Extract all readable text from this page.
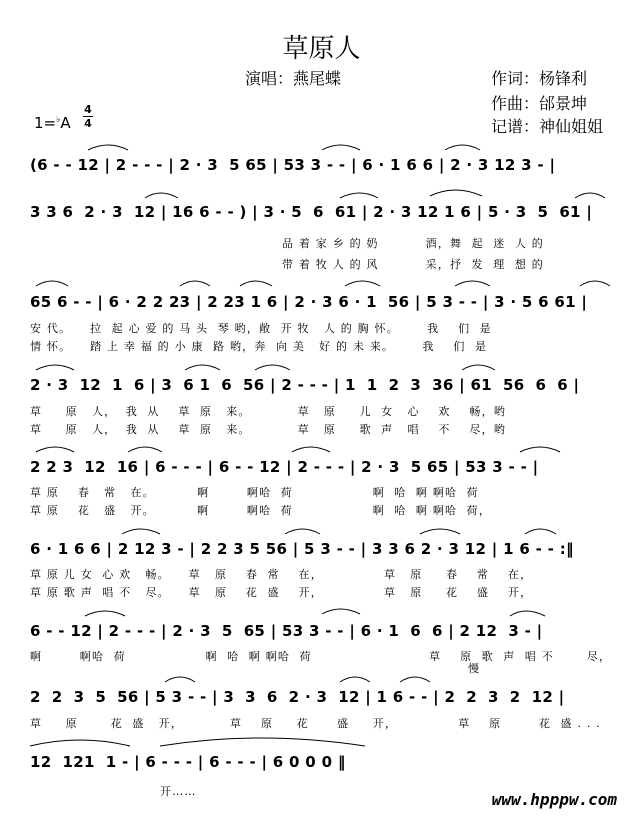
草原人
演唱：燕尾蝶	作词：杨锋利
作曲：邰景坤
记谱：神仙姐姐
1=♭A
4
4
(6 - - 12 | 2 - - - | 2 · 3  5 65 | 53 3 - - | 6 · 1 6 6 | 2 · 3 12 3 - |
3 3 6  2 · 3  12 | 16 6 - - ) | 3 · 5  6  61 | 2 · 3 12 1 6 | 5 · 3  5  61 |
品 着 家 乡 的 奶          酒，舞  起  迷  人 的
带 着 牧 人 的 风          采，抒  发  理  想 的
65 6 - - | 6 · 2 2 23 | 2 23 1 6 | 2 · 3 6 · 1  56 | 5 3 - - | 3 · 5 6 61 |
安 代。    拉  起 心 爱 的 马 头  琴 哟，敞  开 牧   人 的 胸 怀。      我    们  是
情 怀。    踏 上 幸 福 的 小 康  路 哟，奔  向 美   好 的 未 来。      我    们  是
2 · 3  12  1  6 | 3  6 1  6  56 | 2 - - - | 1  1  2  3  36 | 61  56  6  6 |
草     原   人，  我  从    草  原   来。          草   原     儿  女   心    欢    畅，哟
草     原   人，  我  从    草  原   来。          草   原     歌  声   唱    不    尽，哟
2 2 3  12  16 | 6 - - - | 6 - - 12 | 2 - - - | 2 · 3  5 65 | 53 3 - - |
草 原    春   常   在。         啊        啊哈  荷                 啊  哈  啊 啊哈  荷
草 原    花   盛   开。         啊        啊哈  荷                 啊  哈  啊 啊哈  荷，
6 · 1 6 6 | 2 12 3 - | 2 2 3 5 56 | 5 3 - - | 3 3 6 2 · 3 12 | 1 6 - - :‖
草 原 儿 女  心 欢   畅。    草   原    春  常    在，             草   原     春    常    在，
草 原 歌 声  唱 不   尽。    草   原    花  盛    开，             草   原     花    盛    开，
6 - - 12 | 2 - - - | 2 · 3  5  65 | 53 3 - - | 6 · 1  6  6 | 2 12  3 - |
啊        啊哈  荷                 啊  哈  啊 啊哈  荷                         草    原  歌  声  唱 不       尽，
慢
2  2  3  5  56 | 5 3 - - | 3  3  6  2 · 3  12 | 1 6 - - | 2  2  3  2  12 |
草     原       花  盛   开，          草    原     花      盛     开，             草    原        花  盛 . . .
12  121  1 - | 6 - - - | 6 - - - | 6 0 0 0 ‖
开……	www.hpppw.com
